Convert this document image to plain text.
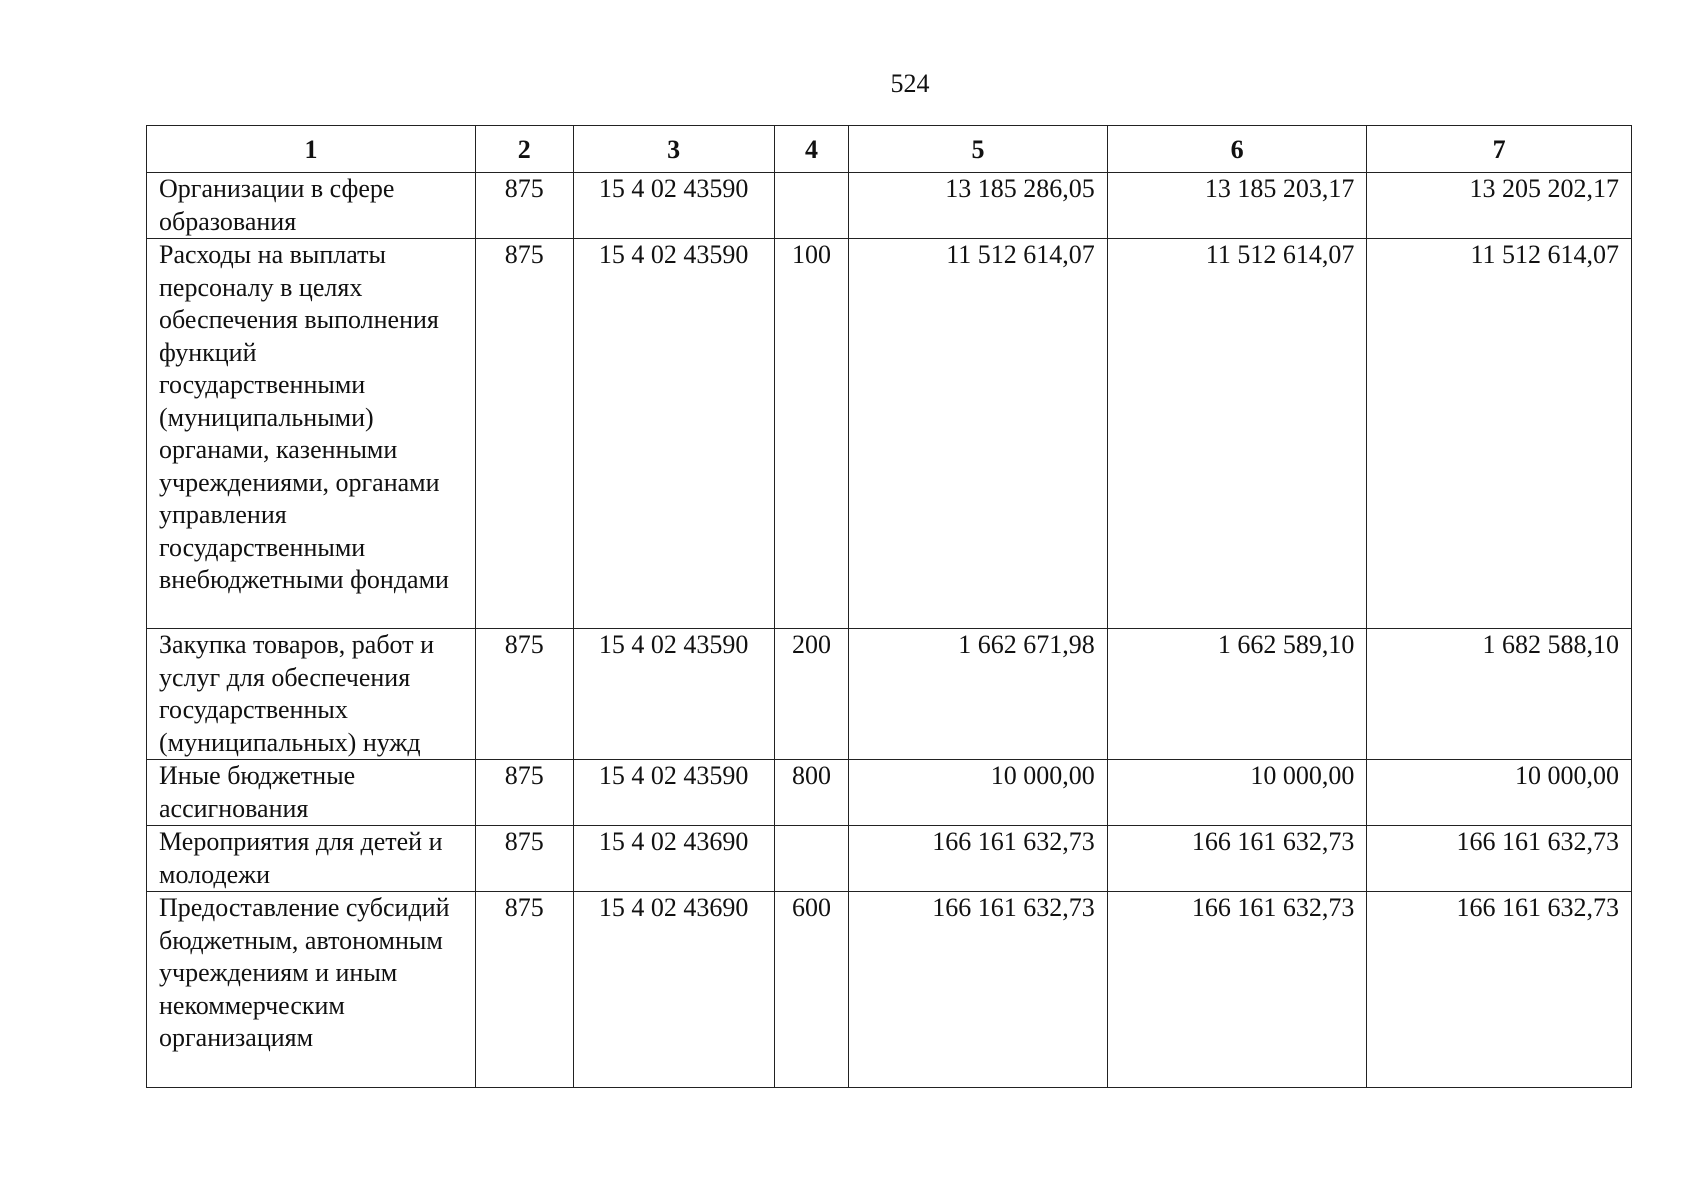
524
1	2	3	4	5	6	7
Организации в сфере образования	875	15 4 02 43590		13 185 286,05	13 185 203,17	13 205 202,17
Расходы на выплаты персоналу в целях обеспечения выполнения функций государственными (муниципальными) органами, казенными учреждениями, органами управления государственными внебюджетными фондами	875	15 4 02 43590	100	11 512 614,07	11 512 614,07	11 512 614,07
Закупка товаров, работ и услуг для обеспечения государственных (муниципальных) нужд	875	15 4 02 43590	200	1 662 671,98	1 662 589,10	1 682 588,10
Иные бюджетные ассигнования	875	15 4 02 43590	800	10 000,00	10 000,00	10 000,00
Мероприятия для детей и молодежи	875	15 4 02 43690		166 161 632,73	166 161 632,73	166 161 632,73
Предоставление субсидий бюджетным, автономным учреждениям и иным некоммерческим организациям	875	15 4 02 43690	600	166 161 632,73	166 161 632,73	166 161 632,73
